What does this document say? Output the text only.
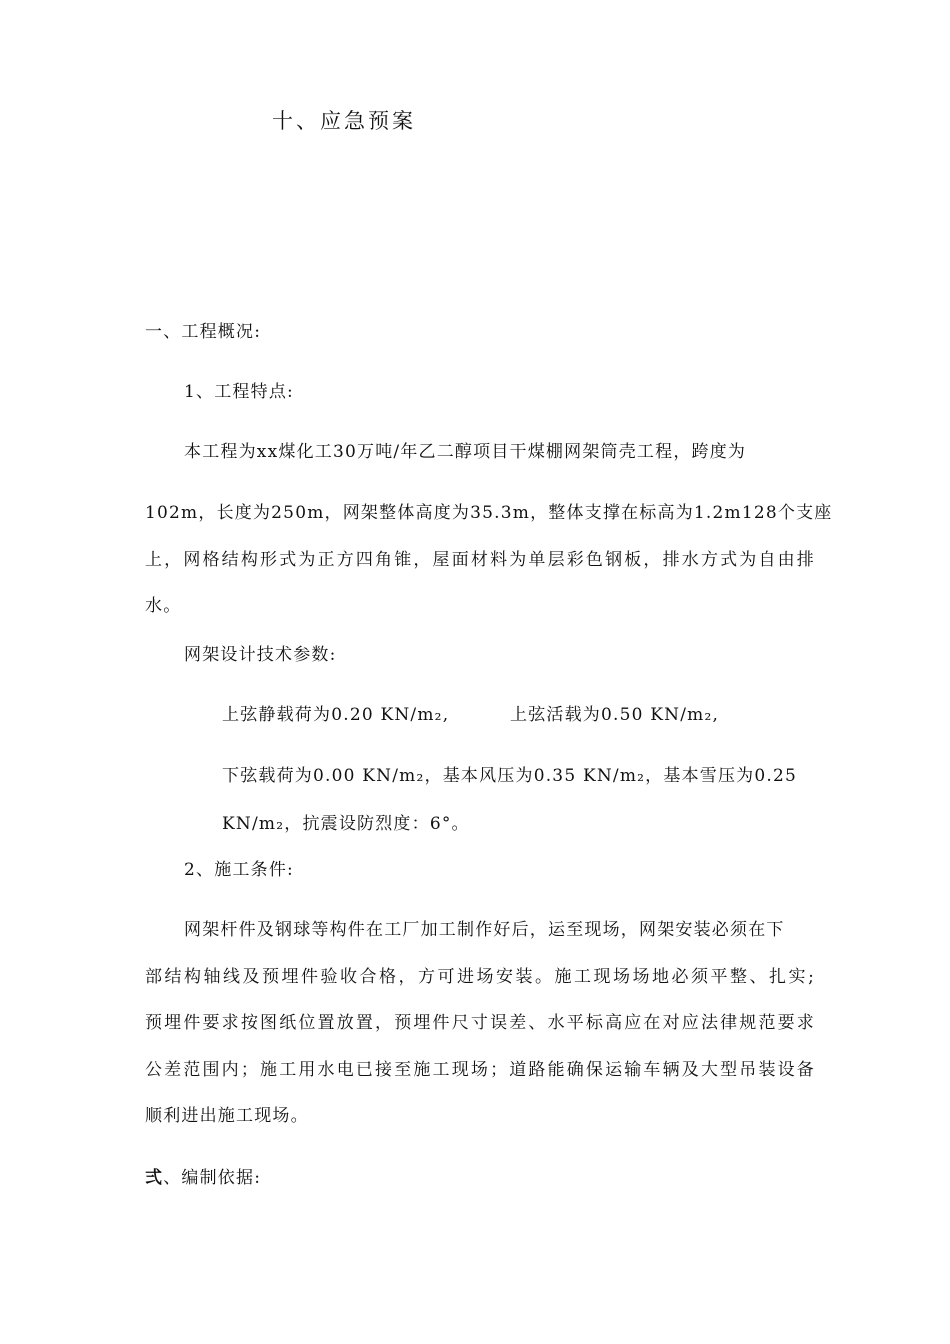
十、应急预案
一、工程概况:
1、工程特点:
本工程为xx煤化工30万吨/年乙二醇项目干煤棚网架筒壳工程，跨度为
102m，长度为250m，网架整体高度为35.3m，整体支撑在标高为1.2m128个支座
上，网格结构形式为正方四角锥，屋面材料为单层彩色钢板，排水方式为自由排
水。
网架设计技术参数:
上弦静载荷为0.20 KN/m₂,	上弦活载为0.50 KN/m₂,
下弦载荷为0.00 KN/m₂，基本风压为0.35 KN/m₂，基本雪压为0.25
KN/m₂，抗震设防烈度：6°。
2、施工条件:
网架杆件及钢球等构件在工厂加工制作好后，运至现场，网架安装必须在下
部结构轴线及预埋件验收合格，方可进场安装。施工现场场地必须平整、扎实;
预埋件要求按图纸位置放置，预埋件尺寸误差、水平标高应在对应法律规范要求
公差范围内；施工用水电已接至施工现场；道路能确保运输车辆及大型吊装设备
顺利进出施工现场。
弍、编制依据:
